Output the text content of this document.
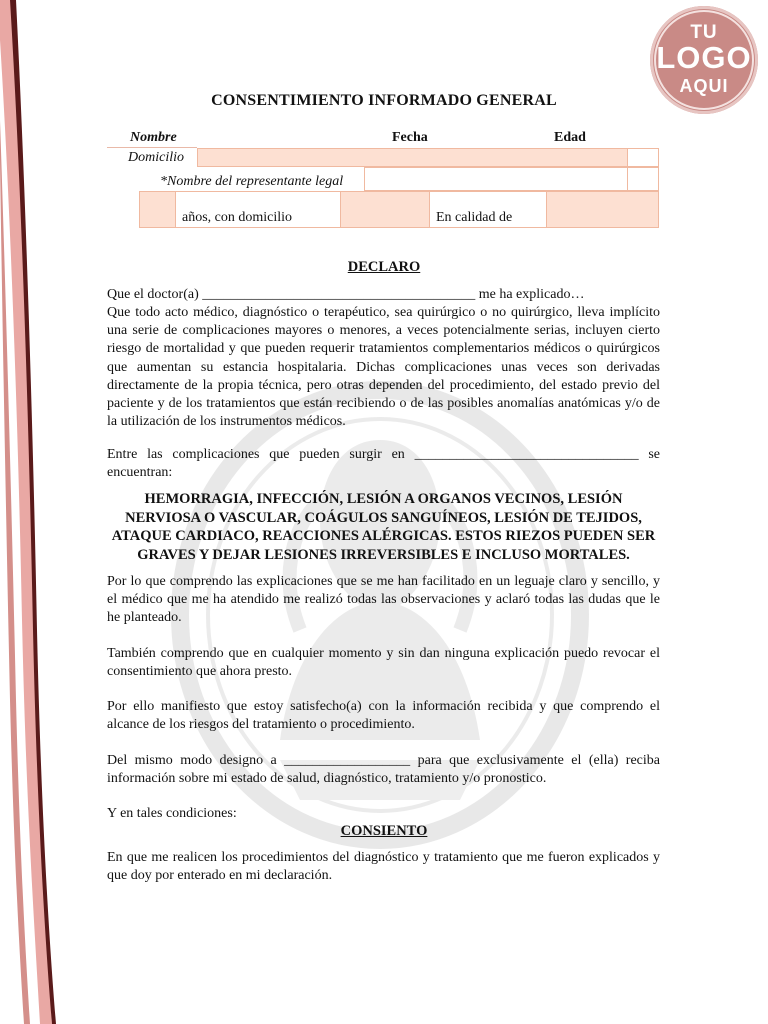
TU
LOGO
AQUI
CONSENTIMIENTO INFORMADO GENERAL
Nombre	Fecha	Edad
Domicilio
*Nombre del representante legal
años, con domicilio	En calidad de
DECLARO
Que el doctor(a) _______________________________________ me ha explicado…
Que todo acto médico, diagnóstico o terapéutico, sea quirúrgico o no quirúrgico, lleva implícito una serie de complicaciones mayores o menores, a veces potencialmente serias, incluyen cierto riesgo de mortalidad y que pueden requerir tratamientos complementarios médicos o quirúrgicos que aumentan su estancia hospitalaria. Dichas complicaciones unas veces son derivadas directamente de la propia técnica, pero otras dependen del procedimiento, del estado previo del paciente y de los tratamientos que están recibiendo o de las posibles anomalías anatómicas y/o de la utilización de los instrumentos médicos.
Entre las complicaciones que pueden surgir en ________________________________ se encuentran:
HEMORRAGIA, INFECCIÓN, LESIÓN A ORGANOS VECINOS, LESIÓN NERVIOSA O VASCULAR, COÁGULOS SANGUÍNEOS, LESIÓN DE TEJIDOS, ATAQUE CARDIACO, REACCIONES ALÉRGICAS. ESTOS RIEZOS PUEDEN SER GRAVES Y DEJAR LESIONES IRREVERSIBLES E INCLUSO MORTALES.
Por lo que comprendo las explicaciones que se me han facilitado en un leguaje claro y sencillo, y el médico que me ha atendido me realizó todas las observaciones y aclaró todas las dudas que le he planteado.
También comprendo que en cualquier momento y sin dan ninguna explicación puedo revocar el consentimiento que ahora presto.
Por ello manifiesto que estoy satisfecho(a) con la información recibida y que comprendo el alcance de los riesgos del tratamiento o procedimiento.
Del mismo modo designo a __________________ para que exclusivamente el (ella) reciba información sobre mi estado de salud, diagnóstico, tratamiento y/o pronostico.
Y en tales condiciones:
CONSIENTO
En que me realicen los procedimientos del diagnóstico y tratamiento que me fueron explicados y que doy por enterado en mi declaración.
